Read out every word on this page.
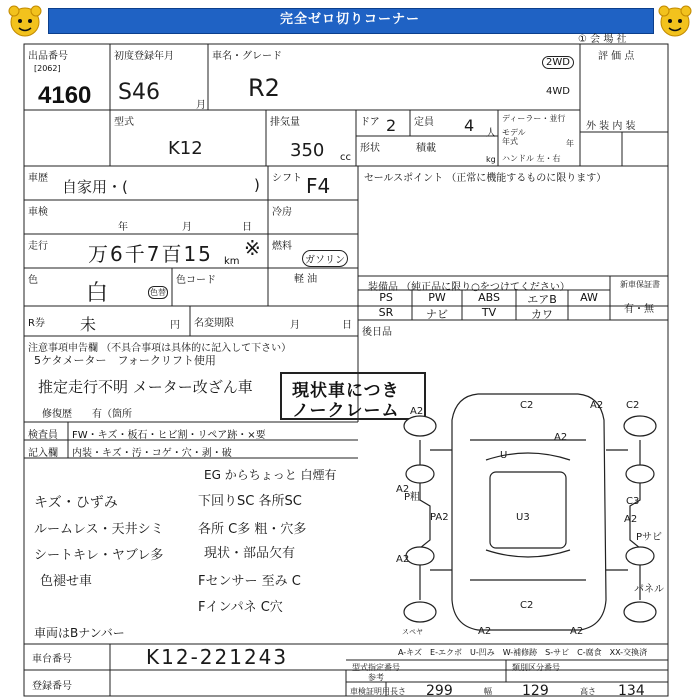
完全ゼロ切りコーナー
① 会 場 社
出品番号
[2062]
4160
初度登録年月
S46
月
車名・グレード
R2
2WD
4WD
評 価 点
型式
K12
排気量
350 cc
ドア 2 定員 4 人
ディーラー・並行
モデル年式	年
形状	積載
kg ハンドル 左・右
外 装 内 装
車歴 自家用・(	) シフト F4	セールスポイント （正常に機能するものに限ります）
車検
年	月	日
冷房
走行 万6千7百15 km
※ 燃料
ガソリン
軽 油
色
白	色替
色コード
装備品 （純正品に限り○をつけてください）	新車保証書
有・無
PS	PW	ABS	エアB	AW
SR	ナビ	TV	カワ
後日品
R券 未	円 名変期限	月	日
注意事項申告欄 （不具合事項は具体的に記入して下さい）
5ケタメーター　フォークリフト使用
推定走行不明 メーター改ざん車
修復歴　　有（箇所
現状車につき
ノークレーム
検査員 FW・キズ・板石・ヒビ割・リペア跡・×要
記入欄 内装・キズ・汚・コゲ・穴・剥・破
EG からちょっと 白煙有
キズ・ひずみ
ルームレス・天井シミ
シートキレ・ヤブレ多
色褪せ車
下回りSC 各所SC
各所 C多 粗・穴多
現状・部品欠有
Fセンサー 至み C
Fインパネ C穴
車両はBナンバー
A2
A2
C2	C2
A2
U
U3
A2
A2
C3
P粗
PA2	A2
Pサビ
C2
A2	A2
パネル
スペヤ
A-キズ　E-エクボ　U-凹み　W-補修跡　S-サビ　C-腐食　XX-交換済
車台番号	K12-221243
登録番号
型式指定番号	類別区分番号
参考
車検証明用 長さ 299	幅 129	高さ 134
